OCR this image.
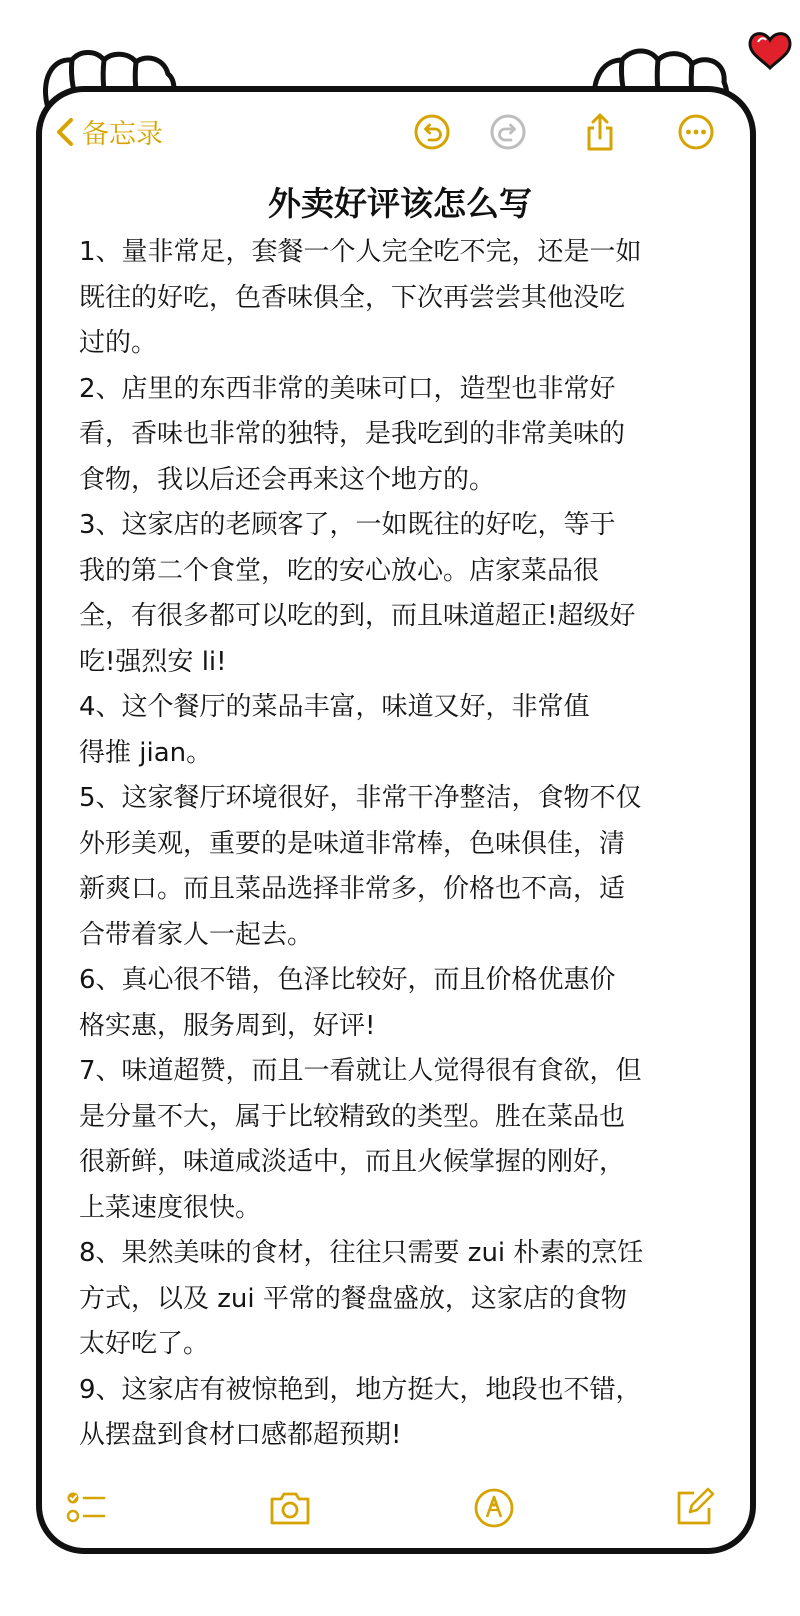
备忘录
外卖好评该怎么写

1、量非常足，套餐一个人完全吃不完，还是一如
既往的好吃，色香味俱全，下次再尝尝其他没吃
过的。

2、店里的东西非常的美味可口，造型也非常好
看，香味也非常的独特，是我吃到的非常美味的
食物，我以后还会再来这个地方的。

3、这家店的老顾客了，一如既往的好吃，等于
我的第二个食堂，吃的安心放心。店家菜品很
全，有很多都可以吃的到，而且味道超正!超级好
吃!强烈安 li!

4、这个餐厅的菜品丰富，味道又好，非常值
得推 jian。

5、这家餐厅环境很好，非常干净整洁，食物不仅
外形美观，重要的是味道非常棒，色味俱佳，清
新爽口。而且菜品选择非常多，价格也不高，适
合带着家人一起去。

6、真心很不错，色泽比较好，而且价格优惠价
格实惠，服务周到，好评!

7、味道超赞，而且一看就让人觉得很有食欲，但
是分量不大，属于比较精致的类型。胜在菜品也
很新鲜，味道咸淡适中，而且火候掌握的刚好，
上菜速度很快。

8、果然美味的食材，往往只需要 zui 朴素的烹饪
方式，以及 zui 平常的餐盘盛放，这家店的食物
太好吃了。

9、这家店有被惊艳到，地方挺大，地段也不错，
从摆盘到食材口感都超预期!
